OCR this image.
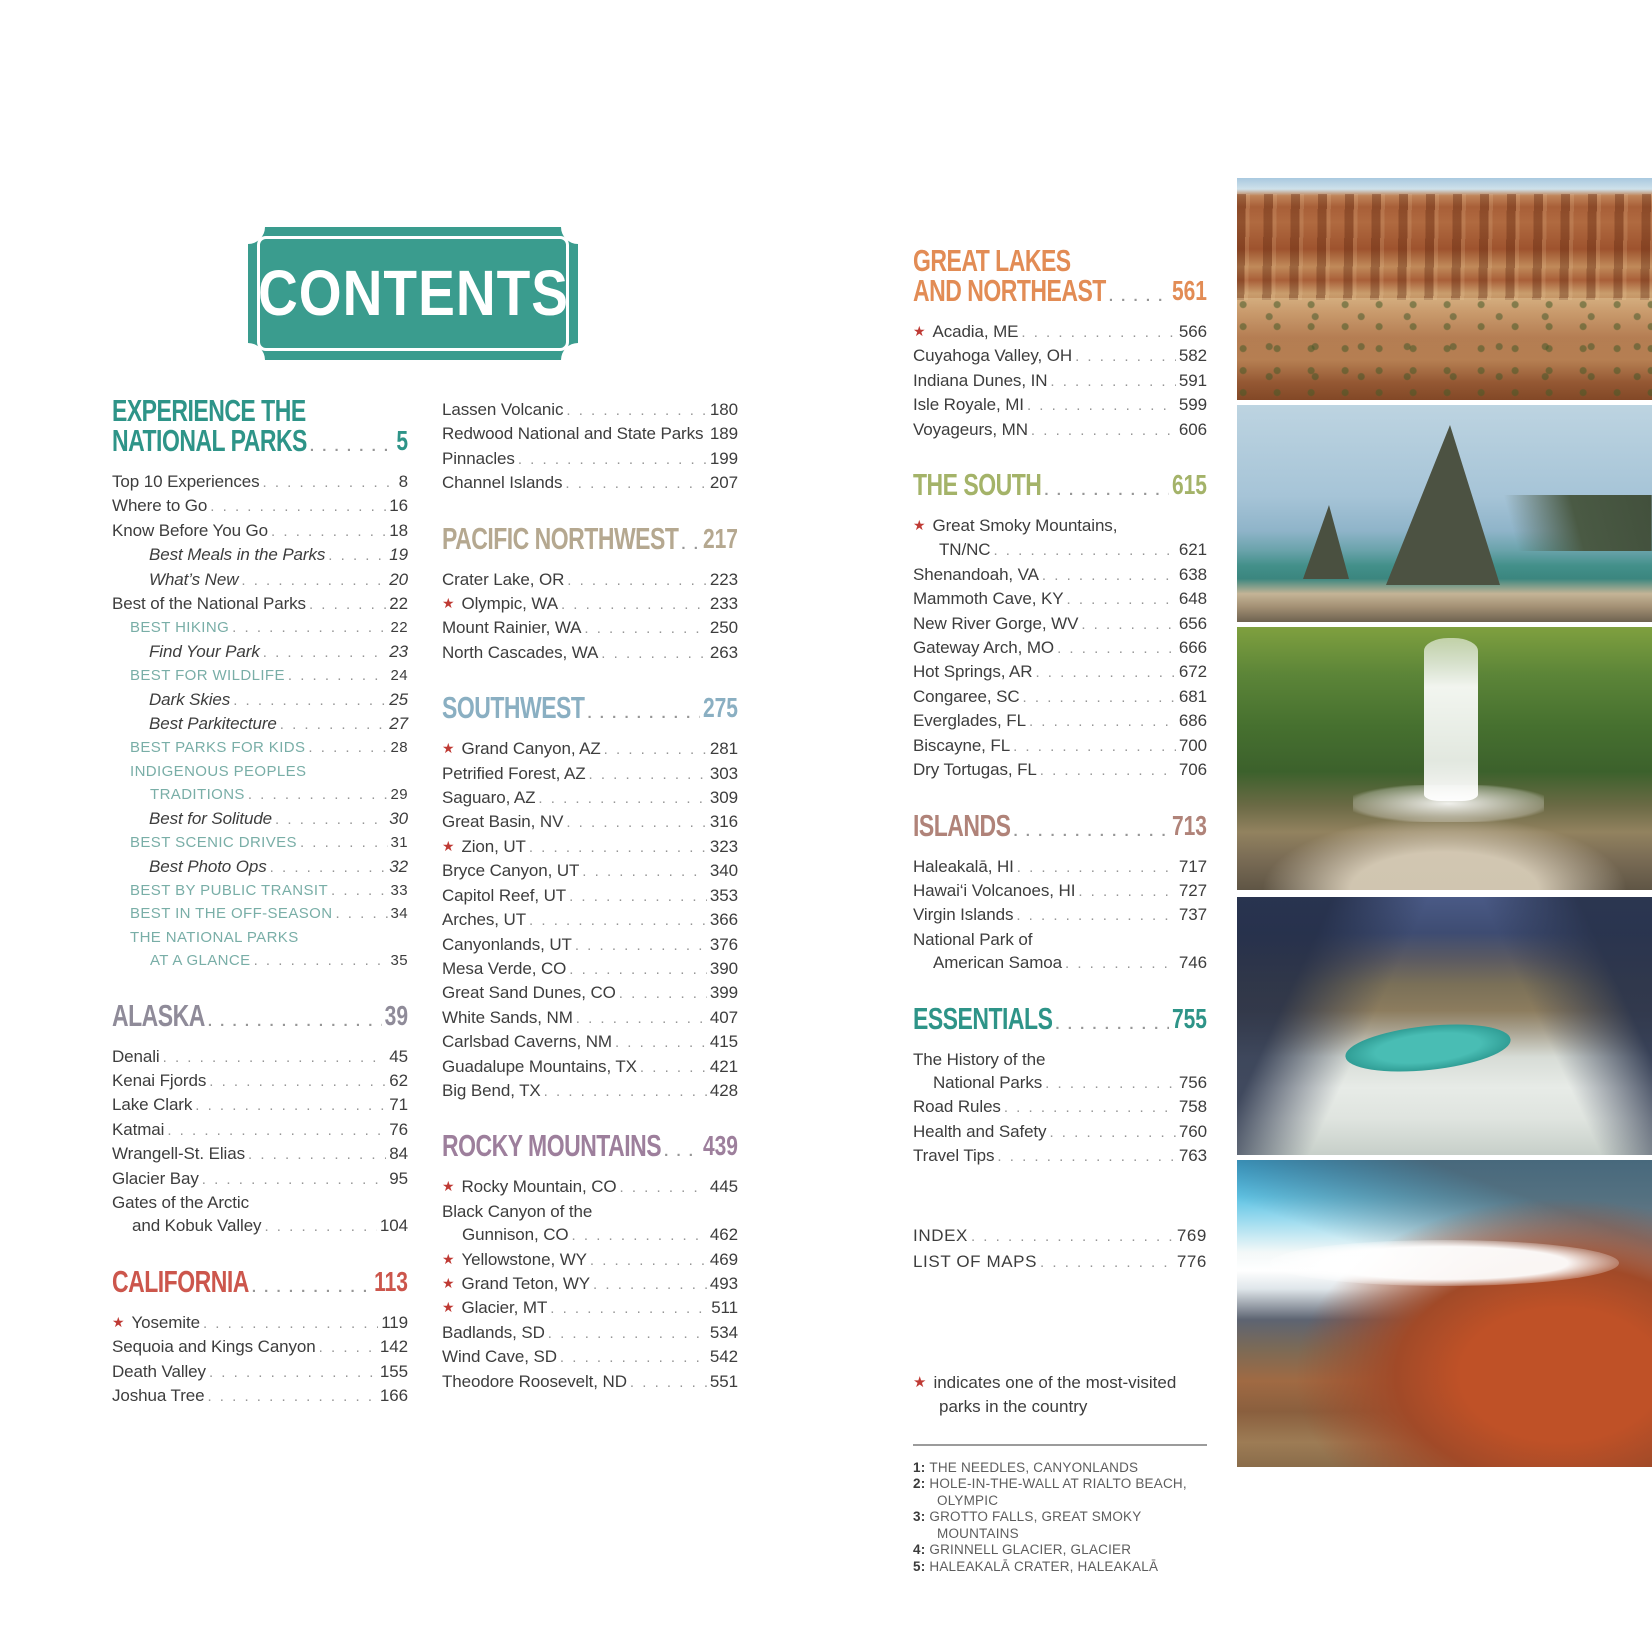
CONTENTS
EXPERIENCE THE
NATIONAL PARKS . . .	5
Top 10 Experiences . . .	8
Where to Go . . .	16
Know Before You Go . . .	18
Best Meals in the Parks . . .	19
What’s New . . .	20
Best of the National Parks . . .	22
BEST HIKING . . .	22
Find Your Park . . .	23
BEST FOR WILDLIFE . . .	24
Dark Skies . . .	25
Best Parkitecture . . .	27
BEST PARKS FOR KIDS . . .	28
INDIGENOUS PEOPLES
TRADITIONS . . .	29
Best for Solitude . . .	30
BEST SCENIC DRIVES . . .	31
Best Photo Ops . . .	32
BEST BY PUBLIC TRANSIT . . .	33
BEST IN THE OFF-SEASON . . .	34
THE NATIONAL PARKS
AT A GLANCE . . .	35
ALASKA . . .	39
Denali . . .	45
Kenai Fjords . . .	62
Lake Clark . . .	71
Katmai . . .	76
Wrangell-St. Elias . . .	84
Glacier Bay . . .	95
Gates of the Arctic
and Kobuk Valley . . .	104
CALIFORNIA . . .	113
★ Yosemite . . .	119
Sequoia and Kings Canyon . . .	142
Death Valley . . .	155
Joshua Tree . . .	166
Lassen Volcanic . . .	180
Redwood National and State Parks . . . 189
Pinnacles . . .	199
Channel Islands . . .	207
PACIFIC NORTHWEST . . . 217
Crater Lake, OR . . .	223
★ Olympic, WA . . .	233
Mount Rainier, WA . . .	250
North Cascades, WA . . .	263
SOUTHWEST . . .	275
★ Grand Canyon, AZ . . .	281
Petrified Forest, AZ . . .	303
Saguaro, AZ . . .	309
Great Basin, NV . . .	316
★ Zion, UT . . .	323
Bryce Canyon, UT . . .	340
Capitol Reef, UT . . .	353
Arches, UT . . .	366
Canyonlands, UT . . .	376
Mesa Verde, CO . . .	390
Great Sand Dunes, CO . . .	399
White Sands, NM . . .	407
Carlsbad Caverns, NM . . .	415
Guadalupe Mountains, TX . . .	421
Big Bend, TX . . .	428
ROCKY MOUNTAINS . . . 439
★ Rocky Mountain, CO . . .	445
Black Canyon of the
Gunnison, CO . . .	462
★ Yellowstone, WY . . .	469
★ Grand Teton, WY . . .	493
★ Glacier, MT . . .	511
Badlands, SD . . .	534
Wind Cave, SD . . .	542
Theodore Roosevelt, ND . . .	551
GREAT LAKES
AND NORTHEAST . . .	561
★ Acadia, ME . . .	566
Cuyahoga Valley, OH . . .	582
Indiana Dunes, IN . . .	591
Isle Royale, MI . . .	599
Voyageurs, MN . . .	606
THE SOUTH . . .	615
★ Great Smoky Mountains,
TN/NC . . .	621
Shenandoah, VA . . .	638
Mammoth Cave, KY . . .	648
New River Gorge, WV . . .	656
Gateway Arch, MO . . .	666
Hot Springs, AR . . .	672
Congaree, SC . . .	681
Everglades, FL . . .	686
Biscayne, FL . . .	700
Dry Tortugas, FL . . .	706
ISLANDS . . .	713
Haleakalā, HI . . .	717
Hawai‘i Volcanoes, HI . . .	727
Virgin Islands . . .	737
National Park of
American Samoa . . .	746
ESSENTIALS . . .	755
The History of the
National Parks . . .	756
Road Rules . . .	758
Health and Safety . . .	760
Travel Tips . . .	763
INDEX . . .	769
LIST OF MAPS . . .	776
★ indicates one of the most-visited parks in the country
1: THE NEEDLES, CANYONLANDS
2: HOLE-IN-THE-WALL AT RIALTO BEACH, OLYMPIC
3: GROTTO FALLS, GREAT SMOKY MOUNTAINS
4: GRINNELL GLACIER, GLACIER
5: HALEAKALĀ CRATER, HALEAKALĀ
